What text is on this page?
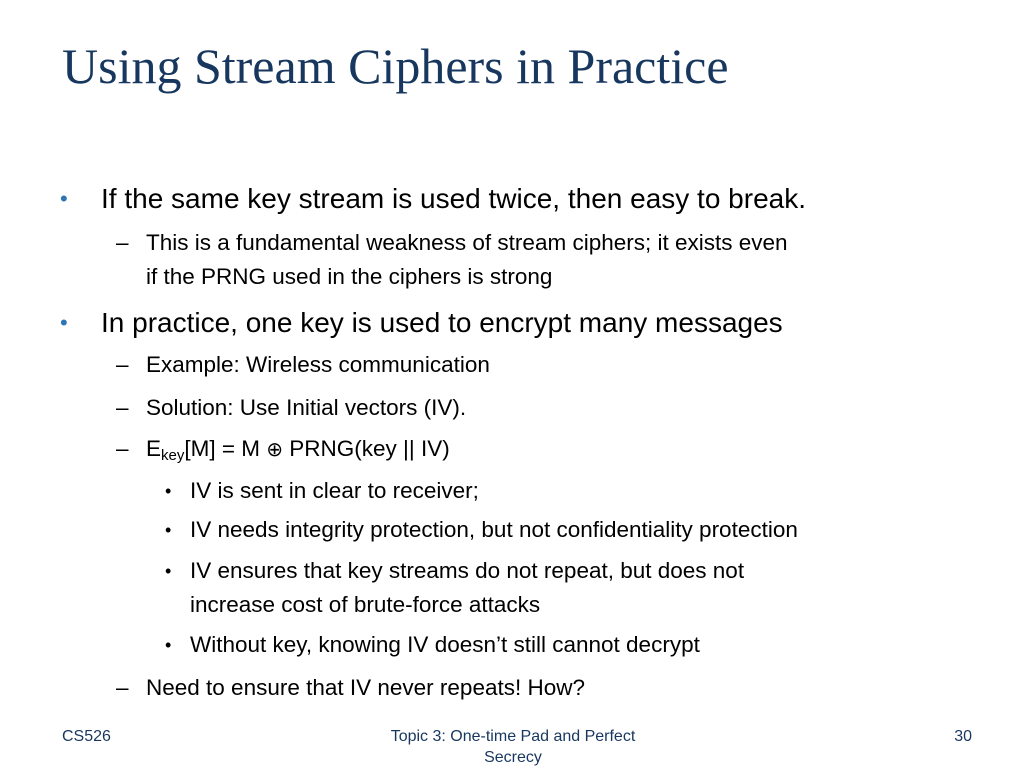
Using Stream Ciphers in Practice
• If the same key stream is used twice, then easy to break.
– This is a fundamental weakness of stream ciphers; it exists even
if the PRNG used in the ciphers is strong
• In practice, one key is used to encrypt many messages
– Example: Wireless communication
– Solution: Use Initial vectors (IV).
– $E_{key}[M] = M$ ⊕ PRNG(key || IV)
• IV is sent in clear to receiver;
• IV needs integrity protection, but not confidentiality protection
• IV ensures that key streams do not repeat, but does not
increase cost of brute-force attacks
• Without key, knowing IV doesn’t still cannot decrypt
– Need to ensure that IV never repeats! How?
CS526	Topic 3: One-time Pad and Perfect
Secrecy
30
